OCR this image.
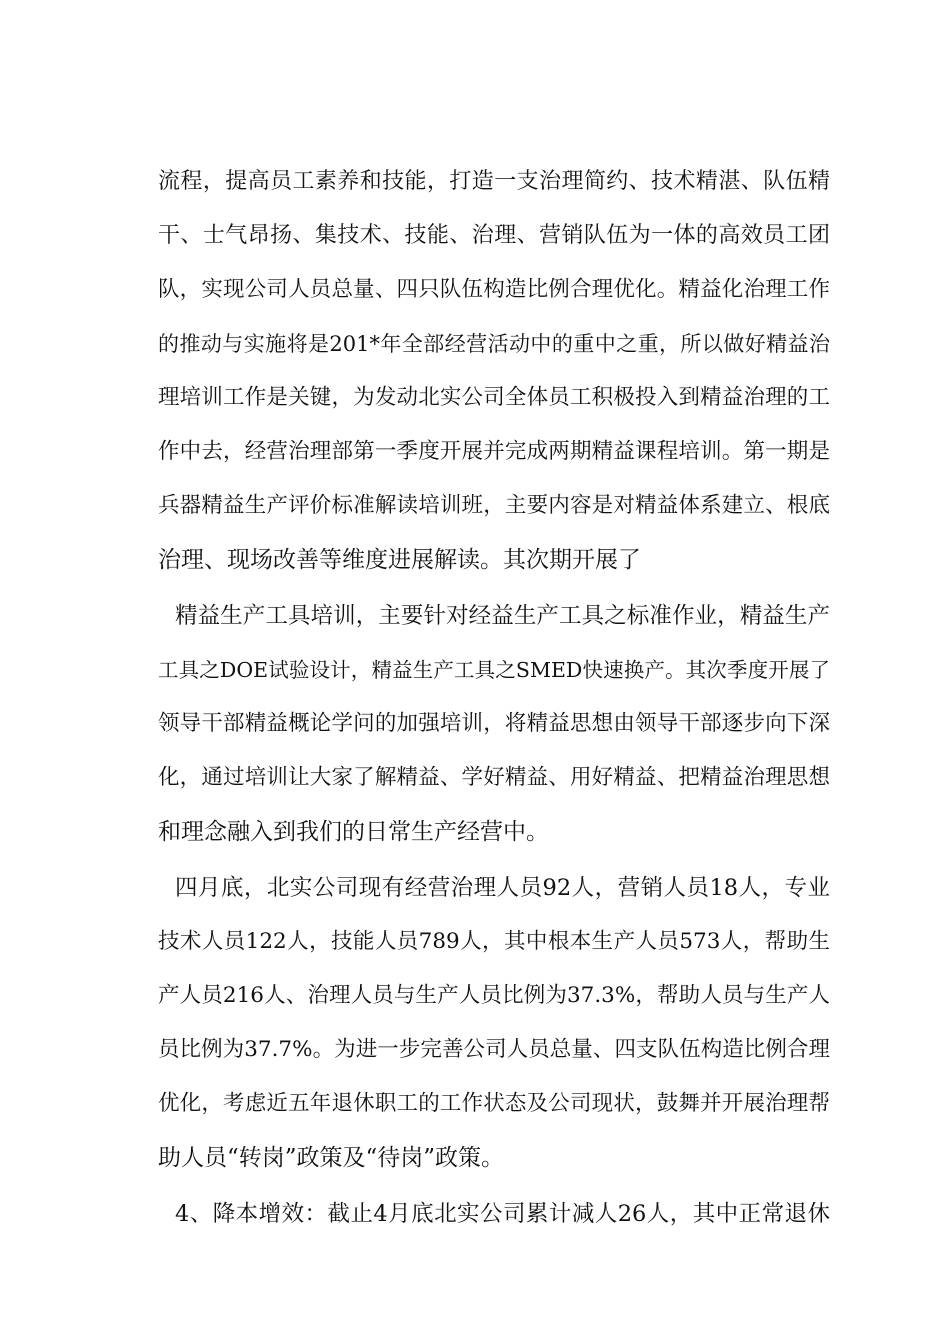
流程，提高员工素养和技能，打造一支治理简约、技术精湛、队伍精
干、士气昂扬、集技术、技能、治理、营销队伍为一体的高效员工团
队，实现公司人员总量、四只队伍构造比例合理优化。精益化治理工作
的推动与实施将是201*年全部经营活动中的重中之重，所以做好精益治
理培训工作是关键，为发动北实公司全体员工积极投入到精益治理的工
作中去，经营治理部第一季度开展并完成两期精益课程培训。第一期是
兵器精益生产评价标准解读培训班，主要内容是对精益体系建立、根底
治理、现场改善等维度进展解读。其次期开展了
精益生产工具培训，主要针对经益生产工具之标准作业，精益生产
工具之DOE试验设计，精益生产工具之SMED快速换产。其次季度开展了
领导干部精益概论学问的加强培训，将精益思想由领导干部逐步向下深
化，通过培训让大家了解精益、学好精益、用好精益、把精益治理思想
和理念融入到我们的日常生产经营中。
四月底，北实公司现有经营治理人员92人，营销人员18人，专业
技术人员122人，技能人员789人，其中根本生产人员573人，帮助生
产人员216人、治理人员与生产人员比例为37.3%，帮助人员与生产人
员比例为37.7%。为进一步完善公司人员总量、四支队伍构造比例合理
优化，考虑近五年退休职工的工作状态及公司现状，鼓舞并开展治理帮
助人员“转岗”政策及“待岗”政策。
4、降本增效：截止4月底北实公司累计减人26人，其中正常退休
